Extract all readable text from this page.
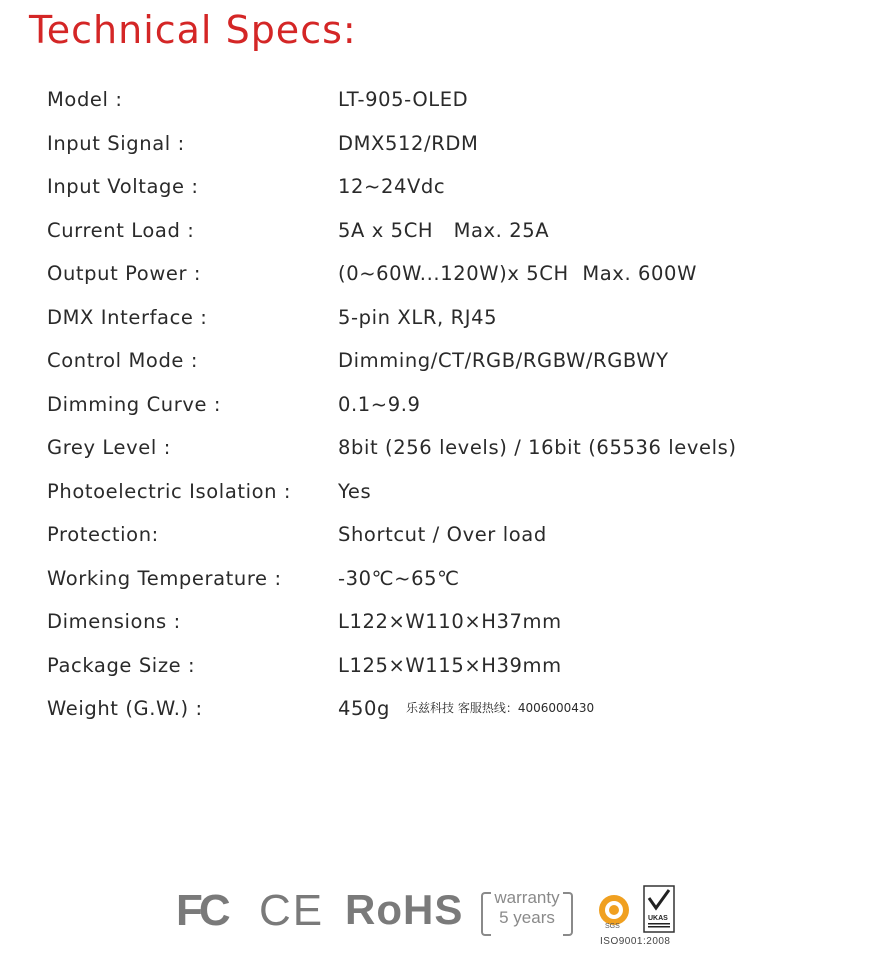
Technical Specs:
Model :	LT-905-OLED
Input Signal :	DMX512/RDM
Input Voltage :	12~24Vdc
Current Load :	5A x 5CH   Max. 25A
Output Power :	(0~60W...120W)x 5CH  Max. 600W
DMX Interface :	5-pin XLR, RJ45
Control Mode :	Dimming/CT/RGB/RGBW/RGBWY
Dimming Curve :	0.1~9.9
Grey Level :	8bit (256 levels) / 16bit (65536 levels)
Photoelectric Isolation : Yes
Protection:	Shortcut / Over load
Working Temperature :	-30℃~65℃
Dimensions :	L122×W110×H37mm
Package Size :	L125×W115×H39mm
Weight (G.W.) :	450g 乐兹科技 客服热线：4006000430
FC CE RoHS	warranty
5 years	SGS
UKAS
ISO9001:2008
